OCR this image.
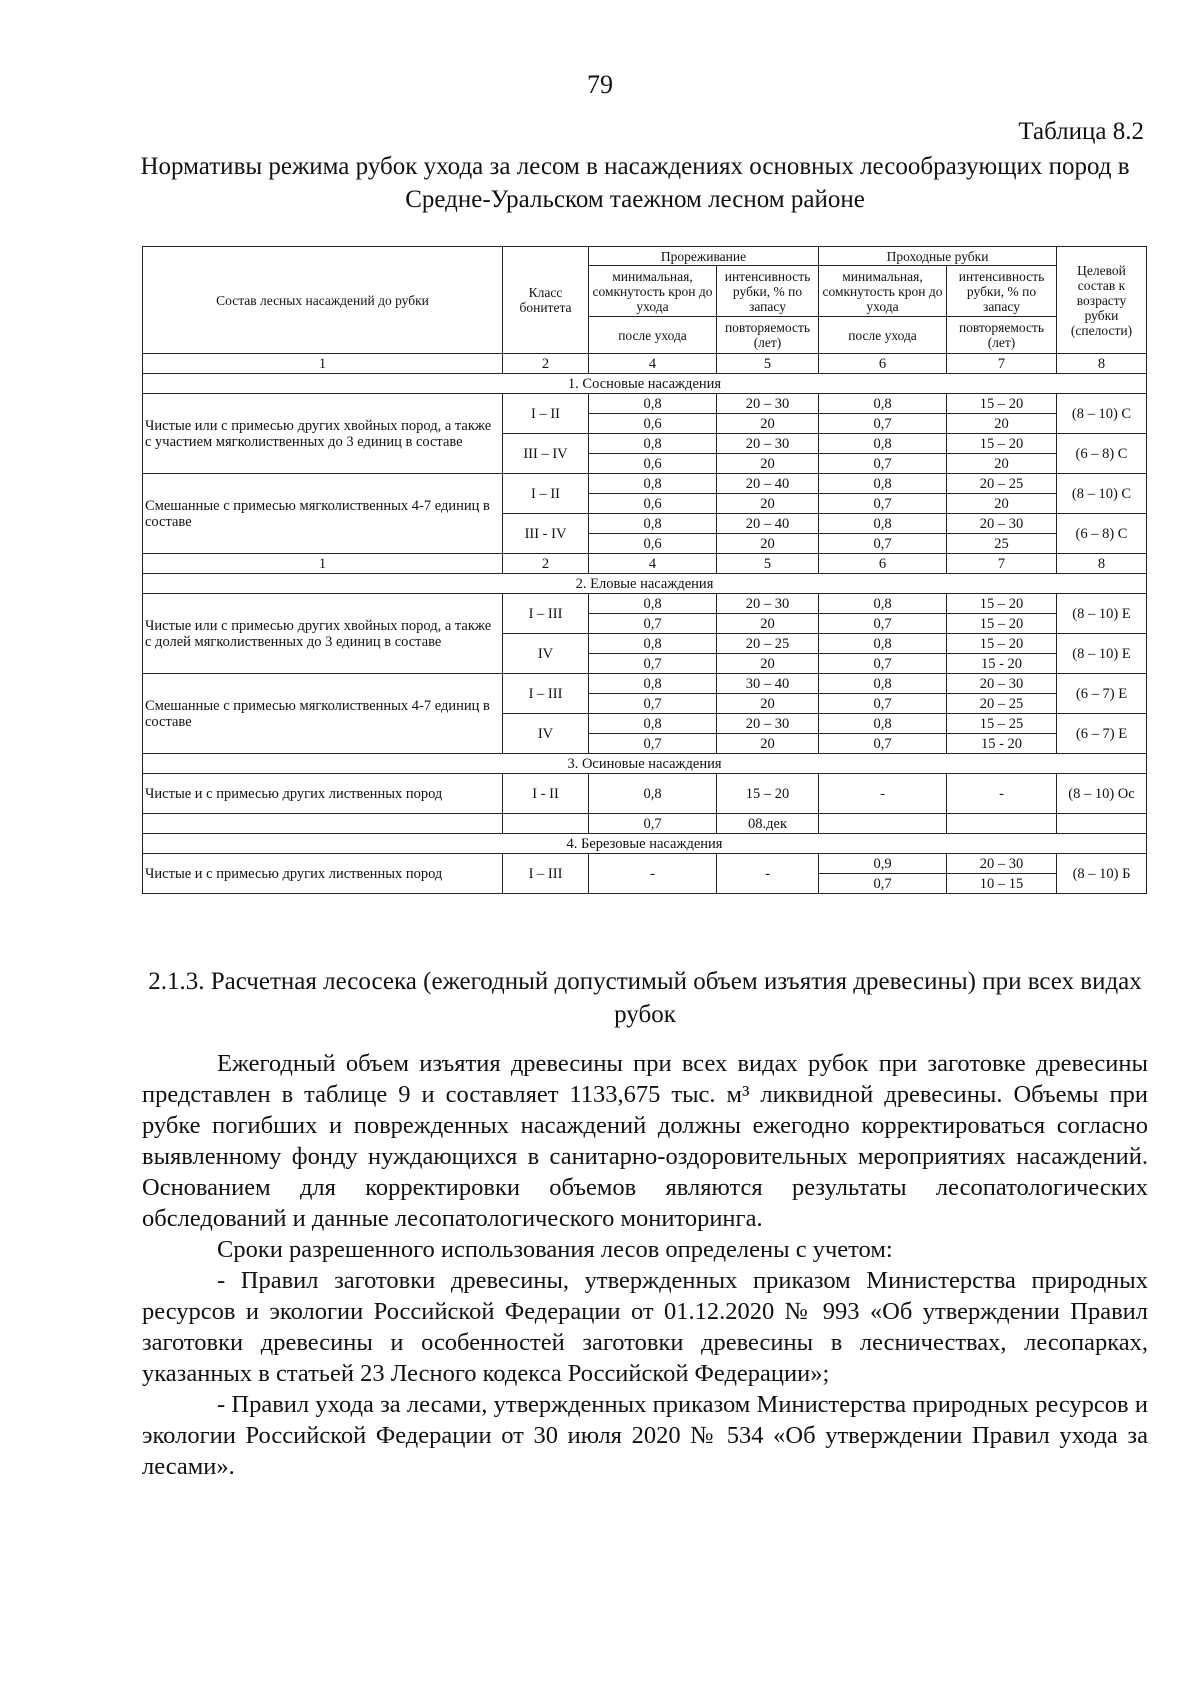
79
Таблица 8.2
Нормативы режима рубок ухода за лесом в насаждениях основных лесообразующих пород в Средне-Уральском таежном лесном районе
Состав лесных насаждений до рубки	Класс бонитета	Прореживание		Проходные рубки		Целевой состав к возрасту рубки (спелости)
		минимальная, сомкнутость крон до ухода	интенсивность рубки, % по запасу	минимальная, сомкнутость крон до ухода	интенсивность рубки, % по запасу	
		после ухода	повторяемость (лет)	после ухода	повторяемость (лет)	
1	2	4	5	6	7	8
1. Сосновые насаждения						
Чистые или с примесью других хвойных пород, а также с участием мягколиственных до 3 единиц в составе	I – II	0,8	20 – 30	0,8	15 – 20	(8 – 10) С
		0,6	20	0,7	20	
	III – IV	0,8	20 – 30	0,8	15 – 20	(6 – 8) С
		0,6	20	0,7	20	
Смешанные с примесью мягколиственных 4-7 единиц в составе	I – II	0,8	20 – 40	0,8	20 – 25	(8 – 10) С
		0,6	20	0,7	20	
	III - IV	0,8	20 – 40	0,8	20 – 30	(6 – 8) С
		0,6	20	0,7	25	
1	2	4	5	6	7	8
2. Еловые насаждения						
Чистые или с примесью других хвойных пород, а также с долей мягколиственных до 3 единиц в составе	I – III	0,8	20 – 30	0,8	15 – 20	(8 – 10) Е
		0,7	20	0,7	15 – 20	
	IV	0,8	20 – 25	0,8	15 – 20	(8 – 10) Е
		0,7	20	0,7	15 - 20	
Смешанные с примесью мягколиственных 4-7 единиц в составе	I – III	0,8	30 – 40	0,8	20 – 30	(6 – 7) Е
		0,7	20	0,7	20 – 25	
	IV	0,8	20 – 30	0,8	15 – 25	(6 – 7) Е
		0,7	20	0,7	15 - 20	
3. Осиновые насаждения						
Чистые и с примесью других лиственных пород	I - II	0,8	15 – 20	-	-	(8 – 10) Ос
		0,7	08.дек			
4. Березовые насаждения						
Чистые и с примесью других лиственных пород	I – III	-	-	0,9	20 – 30	(8 – 10) Б
				0,7	10 – 15	
2.1.3. Расчетная лесосека (ежегодный допустимый объем изъятия древесины) при всех видах рубок

Ежегодный объем изъятия древесины при всех видах рубок при заготовке древесины представлен в таблице 9 и составляет 1133,675 тыс. м³ ликвидной древесины. Объемы при рубке погибших и поврежденных насаждений должны ежегодно корректироваться согласно выявленному фонду нуждающихся в санитарно-оздоровительных мероприятиях насаждений. Основанием для корректировки объемов являются результаты лесопатологических обследований и данные лесопатологического мониторинга.

Сроки разрешенного использования лесов определены с учетом:

- Правил заготовки древесины, утвержденных приказом Министерства природных ресурсов и экологии Российской Федерации от 01.12.2020 № 993 «Об утверждении Правил заготовки древесины и особенностей заготовки древесины в лесничествах, лесопарках, указанных в статьей 23 Лесного кодекса Российской Федерации»;

- Правил ухода за лесами, утвержденных приказом Министерства природных ресурсов и экологии Российской Федерации от 30 июля 2020 № 534 «Об утверждении Правил ухода за лесами».
